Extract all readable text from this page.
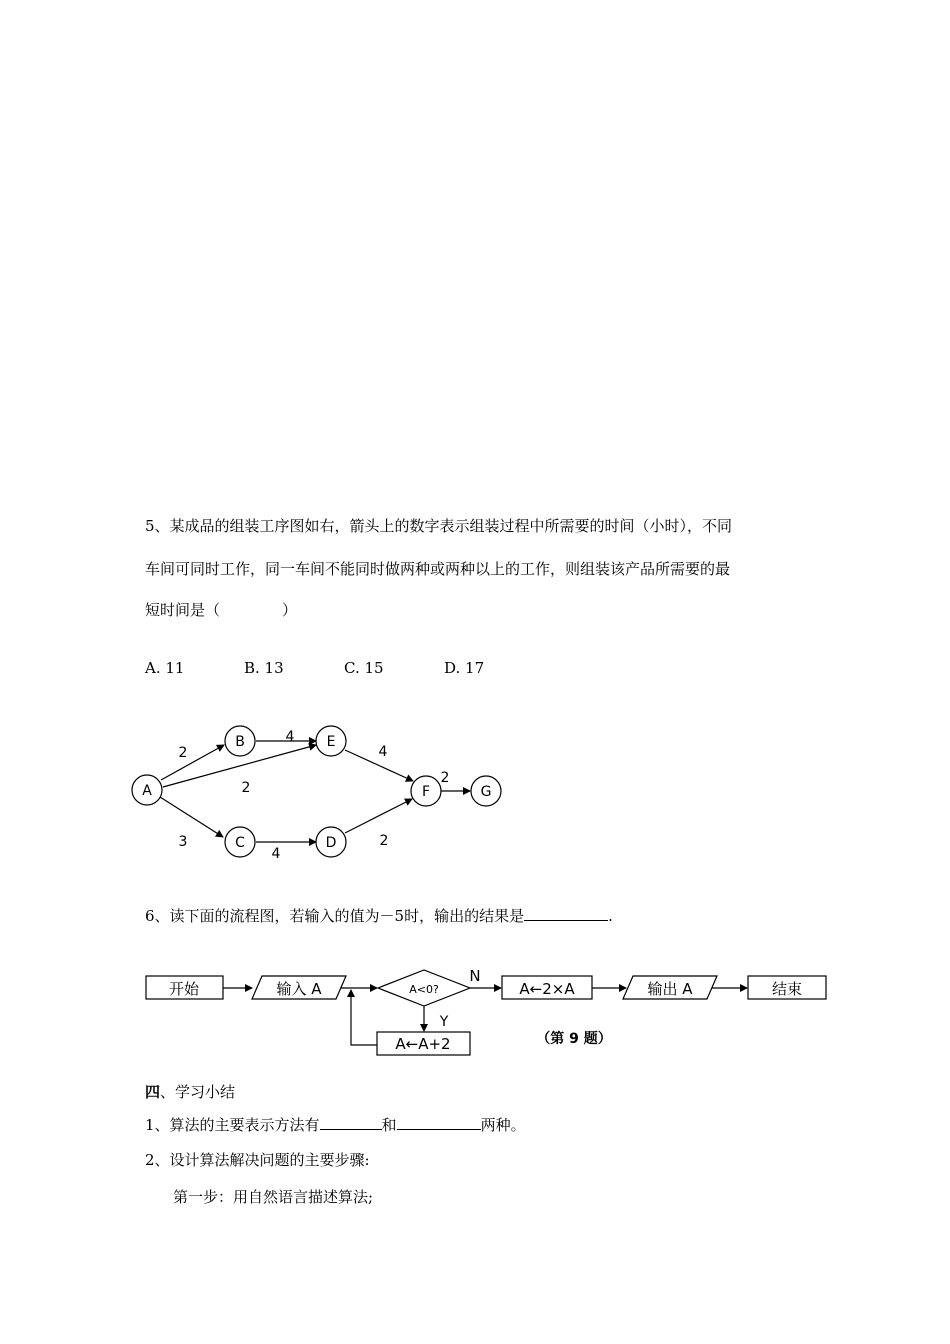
5、某成品的组装工序图如右，箭头上的数字表示组装过程中所需要的时间（小时），不同
车间可同时工作，同一车间不能同时做两种或两种以上的工作，则组装该产品所需要的最
短时间是（	）
A. 11	B. 13	C. 15	D. 17
A
B
C	D
E
F	G
2
4
2
3
4
4
2
2
6、读下面的流程图，若输入的值为－5时，输出的结果是	.
开始	输入 A	A<0?
N
A←2×A	输出 A	结束
Y
A←A+2	（第 9 题）
四、学习小结
1、算法的主要表示方法有	和	两种。
2、设计算法解决问题的主要步骤:
第一步：用自然语言描述算法;
